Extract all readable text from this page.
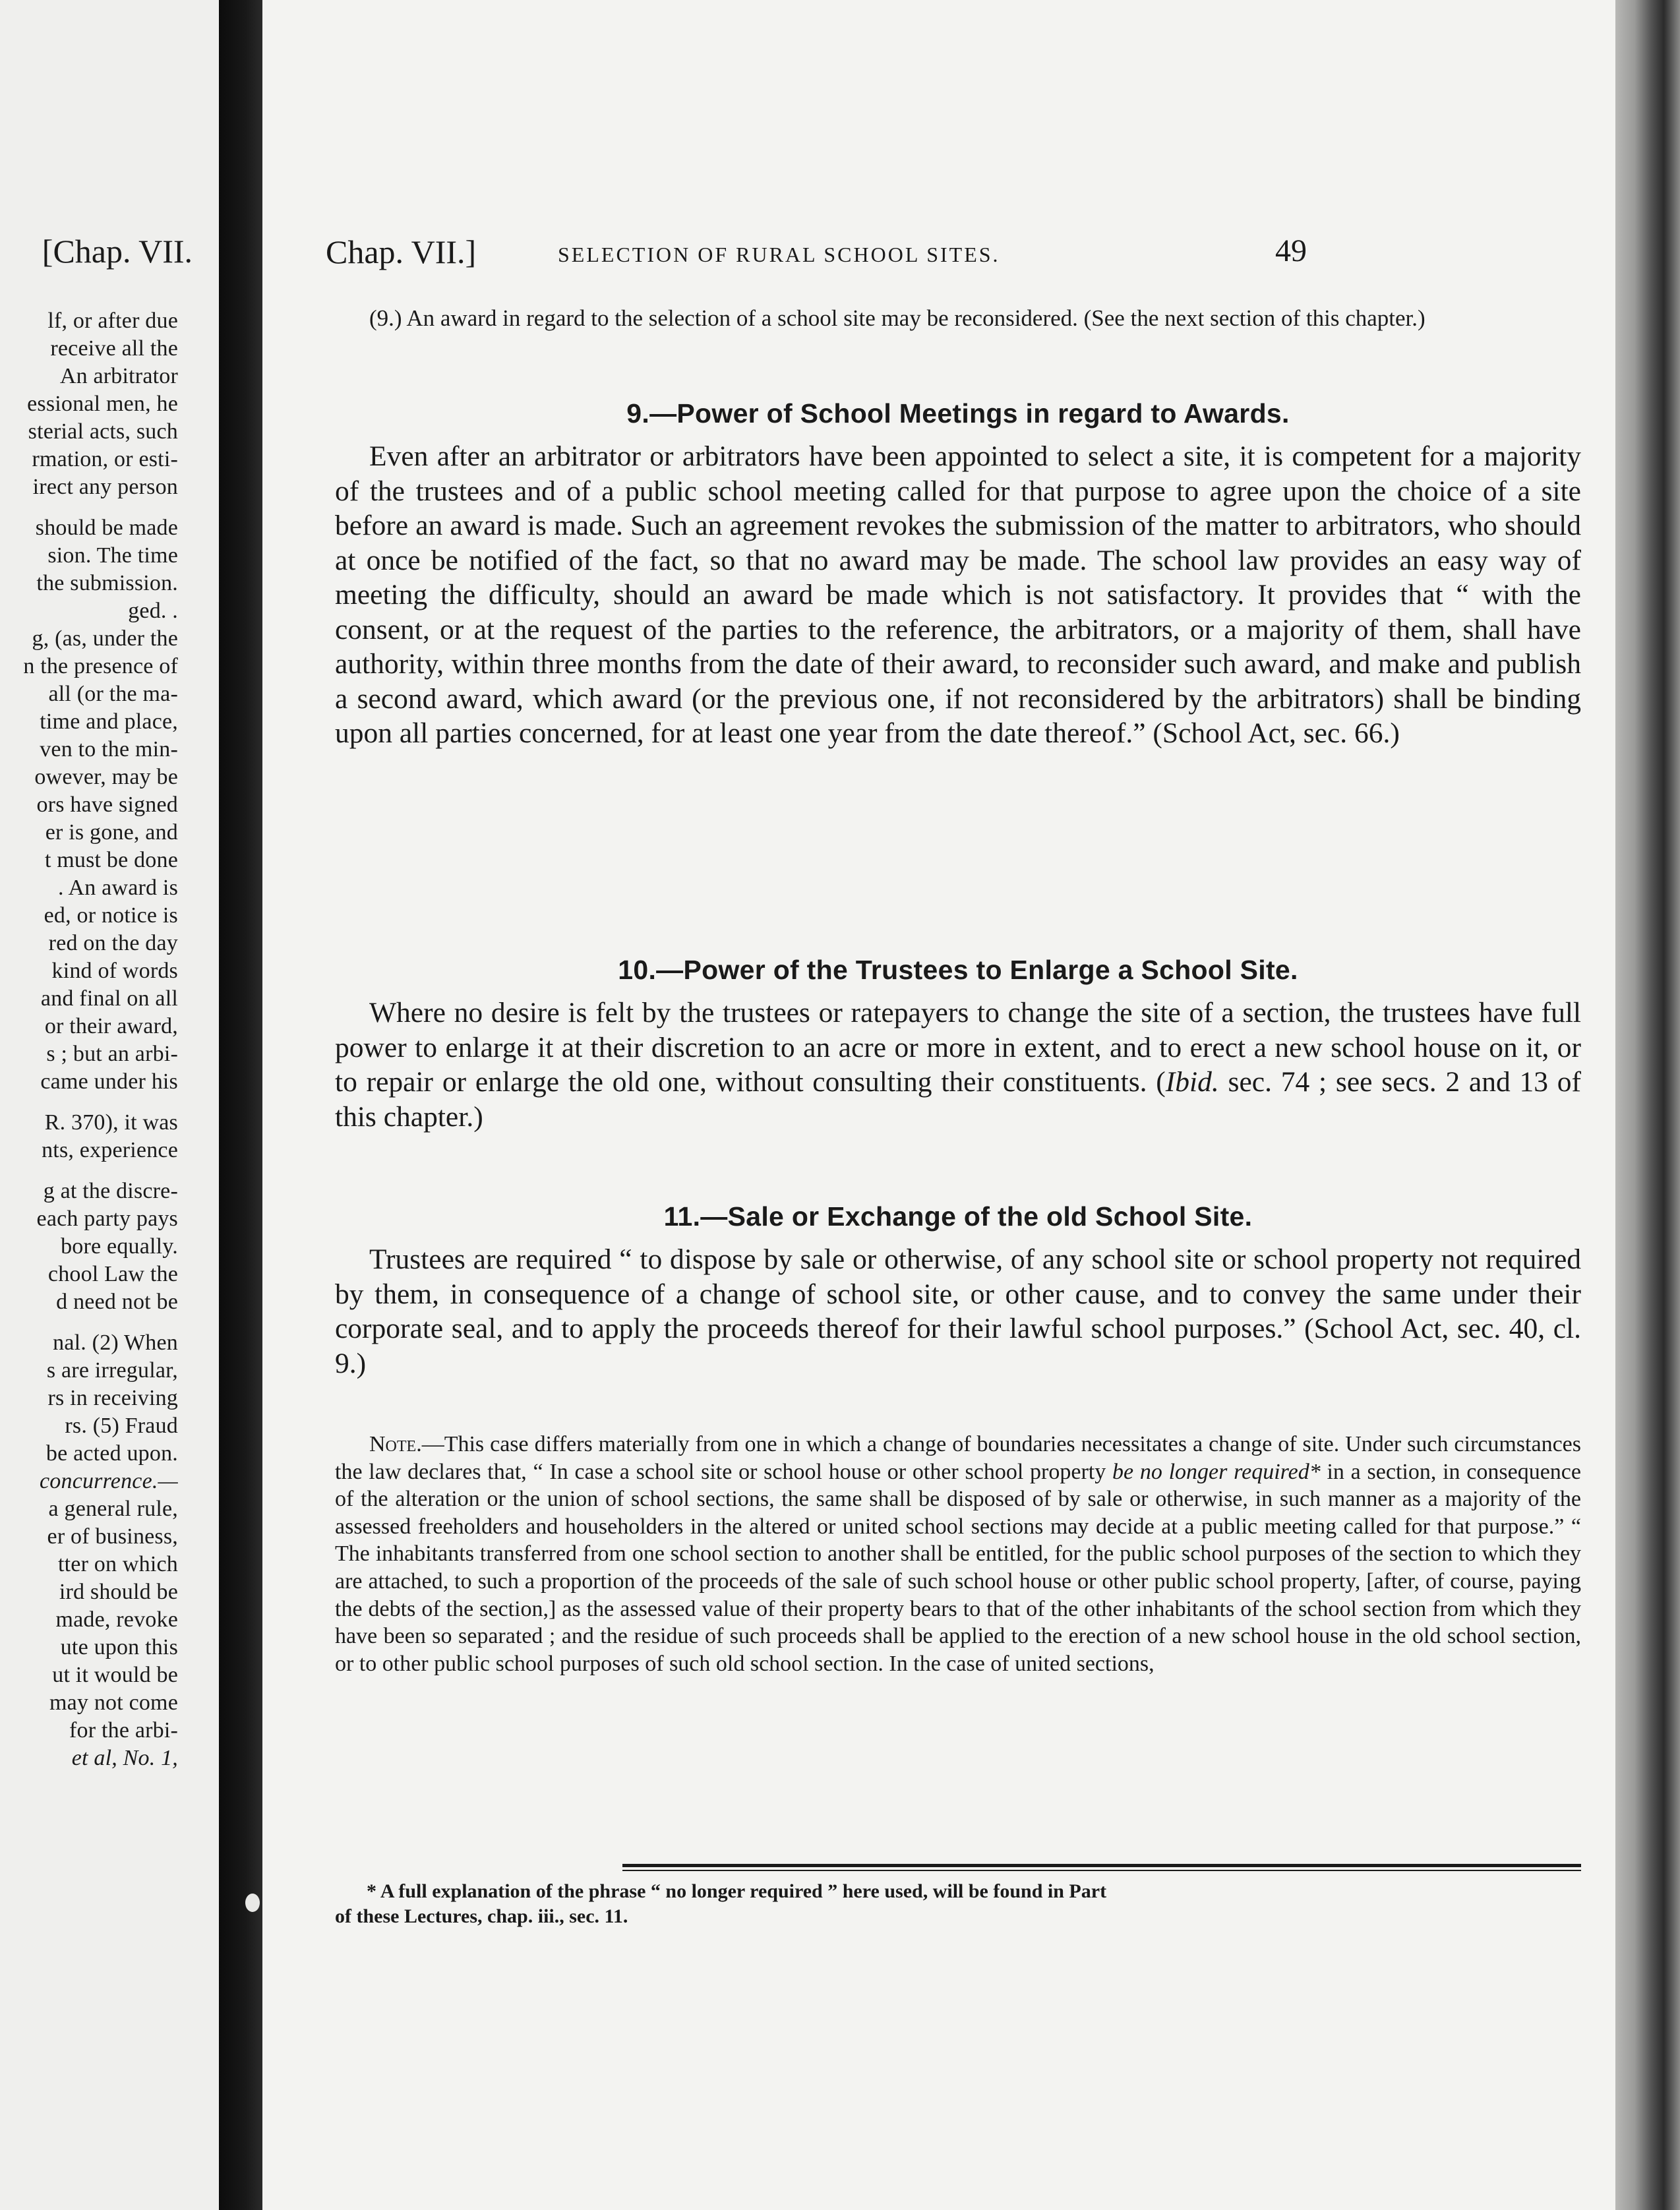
[Chap. VII.
lf, or after due
receive all the
An arbitrator
essional men, he
sterial acts, such
rmation, or esti-
irect any person
should be made
sion. The time
the submission.
ged. .
g, (as, under the
n the presence of
all (or the ma-
time and place,
ven to the min-
owever, may be
ors have signed
er is gone, and
t must be done
. An award is
ed, or notice is
red on the day
kind of words
and final on all
or their award,
s ; but an arbi-
came under his
R. 370), it was
nts, experience
g at the discre-
each party pays
bore equally.
chool Law the
d need not be
nal. (2) When
s are irregular,
rs in receiving
rs. (5) Fraud
be acted upon.
concurrence.—
a general rule,
er of business,
tter on which
ird should be
made, revoke
ute upon this
ut it would be
may not come
for the arbi-
et al, No. 1,
Chap. VII.]	SELECTION OF RURAL SCHOOL SITES.	49

(9.) An award in regard to the selection of a school site may be reconsidered. (See the next section of this chapter.)

9.—Power of School Meetings in regard to Awards.

Even after an arbitrator or arbitrators have been appointed to select a site, it is competent for a majority of the trustees and of a public school meeting called for that purpose to agree upon the choice of a site before an award is made. Such an agreement revokes the submission of the matter to arbitrators, who should at once be notified of the fact, so that no award may be made. The school law provides an easy way of meeting the difficulty, should an award be made which is not satisfactory. It provides that “ with the consent, or at the request of the parties to the reference, the arbitrators, or a majority of them, shall have authority, within three months from the date of their award, to reconsider such award, and make and publish a second award, which award (or the previous one, if not reconsidered by the arbitrators) shall be binding upon all parties concerned, for at least one year from the date thereof.” (School Act, sec. 66.)

10.—Power of the Trustees to Enlarge a School Site.

Where no desire is felt by the trustees or ratepayers to change the site of a section, the trustees have full power to enlarge it at their discretion to an acre or more in extent, and to erect a new school house on it, or to repair or enlarge the old one, without consulting their constituents. (Ibid. sec. 74 ; see secs. 2 and 13 of this chapter.)

11.—Sale or Exchange of the old School Site.

Trustees are required “ to dispose by sale or otherwise, of any school site or school property not required by them, in consequence of a change of school site, or other cause, and to convey the same under their corporate seal, and to apply the proceeds thereof for their lawful school purposes.” (School Act, sec. 40, cl. 9.)

Note.—This case differs materially from one in which a change of boundaries necessitates a change of site. Under such circumstances the law declares that, “ In case a school site or school house or other school property be no longer required* in a section, in consequence of the alteration or the union of school sections, the same shall be disposed of by sale or otherwise, in such manner as a majority of the assessed freeholders and householders in the altered or united school sections may decide at a public meeting called for that purpose.” “ The inhabitants transferred from one school section to another shall be entitled, for the public school purposes of the section to which they are attached, to such a proportion of the proceeds of the sale of such school house or other public school property, [after, of course, paying the debts of the section,] as the assessed value of their property bears to that of the other inhabitants of the school section from which they have been so separated ; and the residue of such proceeds shall be applied to the erection of a new school house in the old school section, or to other public school purposes of such old school section. In the case of united sections,

* A full explanation of the phrase “ no longer required ” here used, will be found in Part
of these Lectures, chap. iii., sec. 11.
